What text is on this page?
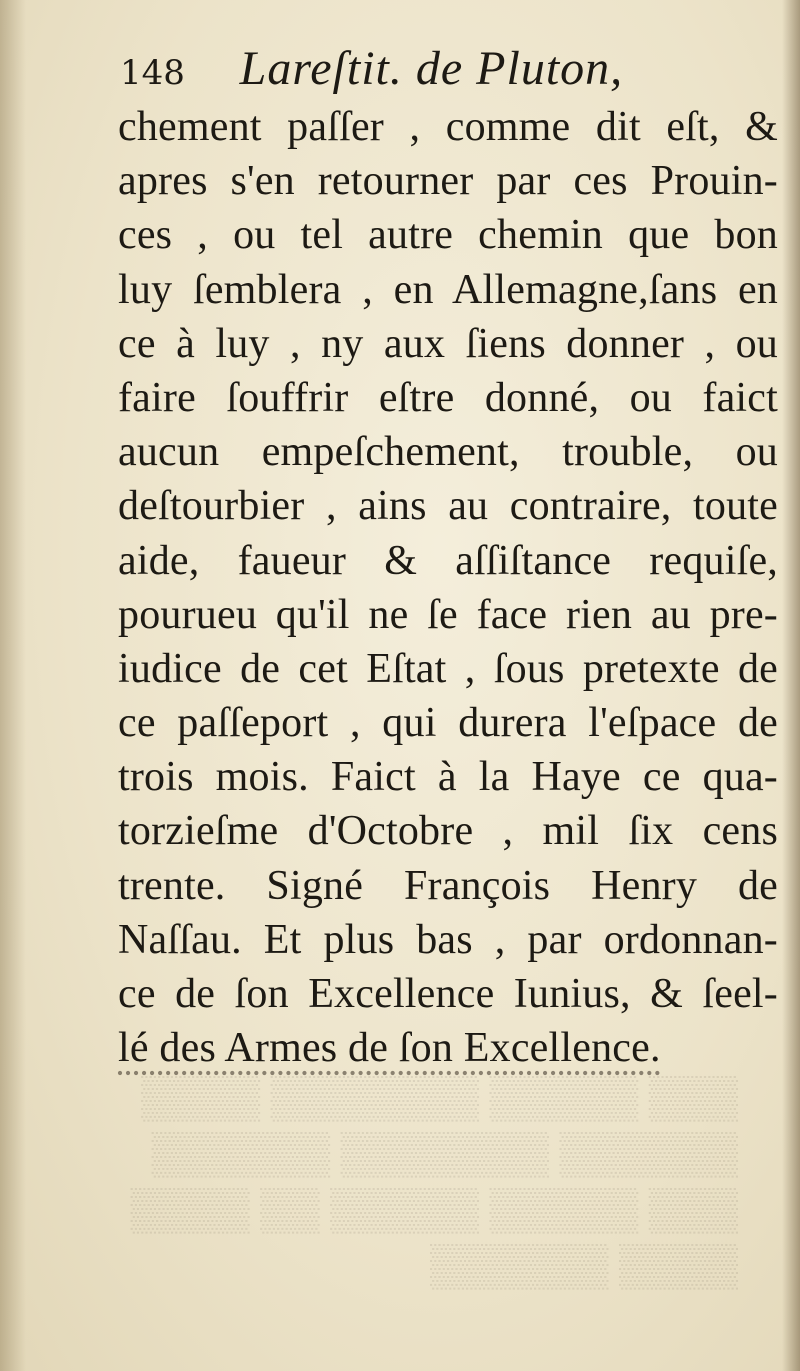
148 Lareſtit. de Pluton,
chement paſſer , comme dit eſt, &
apres s'en retourner par ces Prouin-
ces , ou tel autre chemin que bon
luy ſemblera , en Allemagne,ſans en
ce à luy , ny aux ſiens donner , ou
faire ſouffrir eſtre donné, ou faict
aucun empeſchement, trouble, ou
deſtourbier , ains au contraire, toute
aide, faueur & aſſiſtance requiſe,
pourueu qu'il ne ſe face rien au pre-
iudice de cet Eſtat , ſous pretexte de
ce paſſeport , qui durera l'eſpace de
trois mois. Faict à la Haye ce qua-
torzieſme d'Octobre , mil ſix cens
trente. Signé François Henry de
Naſſau. Et plus bas , par ordonnan-
ce de ſon Excellence Iunius, & ſeel-
lé des Armes de ſon Excellence.
▒▒▒ ▒▒▒▒▒ ▒▒▒▒▒▒▒ ▒▒▒▒
▒▒▒▒▒▒ ▒▒▒▒▒▒▒ ▒▒▒▒▒▒
▒▒▒ ▒▒▒▒▒ ▒▒▒▒▒ ▒▒ ▒▒▒▒
▒▒▒▒ ▒▒▒▒▒▒
